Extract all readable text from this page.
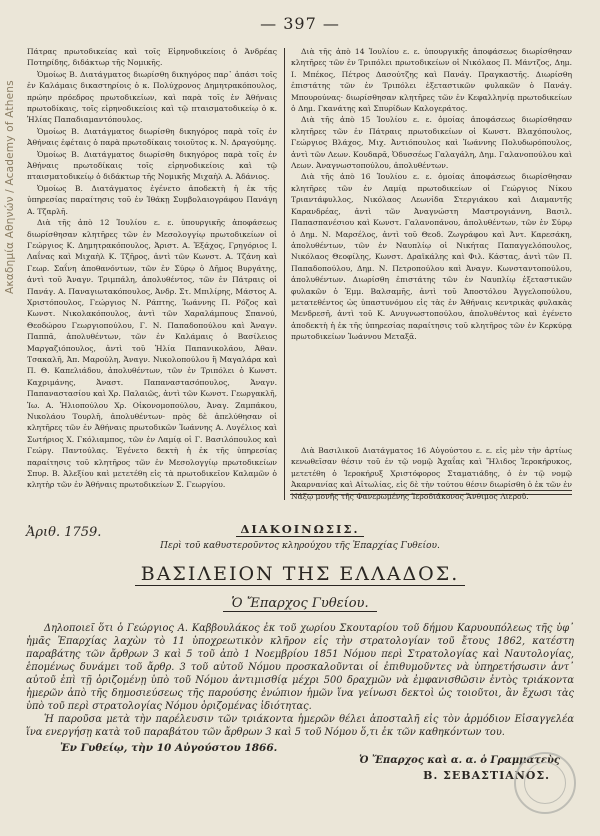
— 397 —
Ακαδημία Αθηνών / Academy of Athens

Πάτρας πρωτοδικείας καὶ τοῖς Εἰρηνοδικείοις ὁ Ἀνδρέας Ποτηρίδης, διδάκτωρ τῆς Νομικῆς.

Ὁμοίως Β. Διατάγματος διωρίσθη δικηγόρος παρ᾽ ἀπάσι τοῖς ἐν Καλάμαις δικαστηρίοις ὁ κ. Πολύχρονος Δημητρακόπουλος, πρώην πρόεδρος πρωτοδικείων, καὶ παρὰ τοῖς ἐν Ἀθήναις πρωτοδίκαις, τοῖς εἰρηνοδικείοις καὶ τῷ πταισματοδικείῳ ὁ κ. Ἠλίας Παπαδιαμαντόπουλος.

Ὁμοίως Β. Διατάγματος διωρίσθη δικηγόρος παρὰ τοῖς ἐν Ἀθήναις ἐφέταις ὁ παρὰ πρωτοδίκαις τοιοῦτος κ. Ν. Δραγούμης.

Ὁμοίως Β. Διατάγματος διωρίσθη δικηγόρος παρὰ τοῖς ἐν Ἀθήναις πρωτοδίκαις τοῖς εἰρηνοδικείοις καὶ τῷ πταισματοδικείῳ ὁ διδάκτωρ τῆς Νομικῆς Μιχαὴλ Α. Ἀδάνιος.

Ὁμοίως Β. Διατάγματος ἐγένετο ἀποδεκτὴ ἡ ἐκ τῆς ὑπηρεσίας παραίτησις τοῦ ἐν Ἰθάκῃ Συμβολαιογράφου Πανάγη Α. Τζαρλῆ.

Διὰ τῆς ἀπὸ 12 Ἰουλίου ε. ε. ὑπουργικῆς ἀποφάσεως διωρίσθησαν κλητῆρες τῶν ἐν Μεσολογγίῳ πρωτοδικείων οἱ Γεώργιος Κ. Δημητρακόπουλος, Ἀριστ. Α. Ἐξάχος, Γρηγόριος Ι. Λαΐνας καὶ Μιχαὴλ Κ. Τζῆρος, ἀντὶ τῶν Κωνστ. Α. Τζάνη καὶ Γεωρ. Σαΐνη ἀποθανόντων, τῶν ἐν Σύρῳ ὁ Δῆμος Βυργάτης, ἀντὶ τοῦ Ἀναγν. Τριμπάλη, ἀπολυθέντος, τῶν ἐν Πάτραις οἱ Πανάγ. Α. Παναγιωτακόπουλος, Ἀνδρ. Στ. Μπιλίρης, Μάστος Α. Χριστόπουλος, Γεώργιος Ν. Ράπτης, Ἰωάννης Π. Ρόζος καὶ Κωνστ. Νικολακόπουλος, ἀντὶ τῶν Χαραλάμπους Σπανού, Θεοδώρου Γεωργιοπούλου, Γ. Ν. Παπαδοπούλου καὶ Ἀναγν. Παππᾶ, ἀπολυθέντων, τῶν ἐν Καλάμαις ὁ Βασίλειος Μαργαζιόπουλος, ἀντὶ τοῦ Ἠλία Παπανικολάου, Ἀθαν. Τσακαλῆ, Ἀπ. Μαρούλη, Ἀναγν. Νικολοπούλου ἢ Μαγαλάρα καὶ Π. Θ. Καπελιάδου, ἀπολυθέντων, τῶν ἐν Τριπόλει ὁ Κωνστ. Καχριμάνης, Ἀναστ. Παπαναστασόπουλος, Ἀναγν. Παπαναστασίου καὶ Χρ. Παλαιῶς, ἀντὶ τῶν Κωνστ. Γεωργακλῆ, Ἰω. Α. Ἡλιοπούλου Χρ. Οἰκονομοπούλου, Ἀναγ. Ζαμπάκου, Νικολάου Τουρλῆ, ἀπολυθέντων· πρὸς δὲ ἀπελύθησαν οἱ κλητῆρες τῶν ἐν Ἀθήναις πρωτοδικῶν Ἰωάννης Α. Λυγέλιος καὶ Σωτήριος Χ. Γκόλιαμπος, τῶν ἐν Λαμίᾳ οἱ Γ. Βασιλόπουλος καὶ Γεώργ. Παντούλας. Ἐγένετο δεκτὴ ἡ ἐκ τῆς ὑπηρεσίας παραίτησις τοῦ κλητῆρος τῶν ἐν Μεσολογγίῳ πρωτοδικείων Σπυρ. Β. Ἀλεξίου καὶ μετετέθη εἰς τὰ πρωτοδικεῖον Καλαμῶν ὁ κλητὴρ τῶν ἐν Ἀθήναις πρωτοδικείων Σ. Γεωργίου.

Διὰ τῆς ἀπὸ 14 Ἰουλίου ε. ε. ὑπουργικῆς ἀποφάσεως διωρίσθησαν κλητῆρες τῶν ἐν Τριπόλει πρωτοδικείων οἱ Νικόλαος Π. Μάντζος, Δημ. Ι. Μπέκος, Πέτρος Δασούτζης καὶ Πανάγ. Πραγκαστῆς. Διωρίσθη ἐπιστάτης τῶν ἐν Τριπόλει ἐξεταστικῶν φυλακῶν ὁ Πανάγ. Μπουρούνας· διωρίσθησαν κλητῆρες τῶν ἐν Κεφαλληνίᾳ πρωτοδικείων ὁ Δημ. Γκανάτης καὶ Σπυρίδων Καλογεράτος.

Διὰ τῆς ἀπὸ 15 Ἰουλίου ε. ε. ὁμοίας ἀποφάσεως διωρίσθησαν κλητῆρες τῶν ἐν Πάτραις πρωτοδικείων οἱ Κωνστ. Βλαχόπουλος, Γεώργιος Βλάχος, Μιχ. Ἀντιόπουλος καὶ Ἰωάννης Πολυδωρόπουλος, ἀντὶ τῶν Λεων. Κουδαρᾶ, Ὀδυσσέως Γαλαγάλη, Δημ. Γαλανοπούλου καὶ Λεων. Ἀναγνωστοπούλου, ἀπολυθέντων.

Διὰ τῆς ἀπὸ 16 Ἰουλίου ε. ε. ὁμοίας ἀποφάσεως διωρίσθησαν κλητῆρες τῶν ἐν Λαμίᾳ πρωτοδικείων οἱ Γεώργιος Νίκου Τριαντάφυλλος, Νικόλαος Λεωνίδα Στεργιάκου καὶ Διαμαντῆς Καρανδρέας, ἀντὶ τῶν Ἀναγνώστη Μαστρογιάννη, Βασιλ. Παπασπανέσιου καὶ Κωνστ. Γαλανοπάνου, ἀπολυθέντων, τῶν ἐν Σύρῳ ὁ Δημ. Ν. Μαρσέλος, ἀντὶ τοῦ Θεοδ. Ζωγράφου καὶ Ἀντ. Καρεσάκη, ἀπολυθέντων, τῶν ἐν Ναυπλίῳ οἱ Νικήτας Παπαγγελόπουλος, Νικόλαος Θεοφίλης, Κωνστ. Δραϊκάλης καὶ Φιλ. Κάστας, ἀντὶ τῶν Π. Παπαδοπούλου, Δημ. Ν. Πετροπούλου καὶ Ἀναγν. Κωνσταντοπούλου, ἀπολυθέντων. Διωρίσθη ἐπιστάτης τῶν ἐν Ναυπλίῳ ἐξεταστικῶν φυλακῶν ὁ Ἐμμ. Βαλσαμῆς, ἀντὶ τοῦ Ἀποστόλου Ἀγγελοπούλου, μετατεθέντος ὡς ὑπαστυνόμου εἰς τὰς ἐν Ἀθήναις κεντρικὰς φυλακὰς Μενδρεσῆ, ἀντὶ τοῦ Κ. Ανυγνωστοπούλου, ἀπολυθέντος καὶ ἐγένετο ἀποδεκτὴ ἡ ἐκ τῆς ὑπηρεσίας παραίτησις τοῦ κλητῆρος τῶν ἐν Κερκύρᾳ πρωτοδικείων Ἰωάννου Μεταξᾶ.

Διὰ Βασιλικοῦ Διατάγματος 16 Αὐγούστου ε. ε. εἰς μὲν τὴν ἀρτίως κενωθεῖσαν θέσιν τοῦ ἐν τῷ νομῷ Ἀχαΐας καὶ Ἤλιδος Ἱεροκήρυκος, μετετέθη ὁ Ἱεροκήρυξ Χριστόφορος Σταματιάδης, ὁ ἐν τῷ νομῷ Ἀκαρνανίας καὶ Αἰτωλίας, εἰς δὲ τὴν τούτου θέσιν διωρίσθη ὁ ἐκ τῶν ἐν Νάξῳ μονῆς τῆς Φανερωμένης Ἱεροδιάκονος Ἄνθιμος Λιεροῦ.

Ἀριθ. 1759.	ΔΙΑΚΟΙΝΩΣΙΣ.
Περὶ τοῦ καθυστεροῦντος κληρούχου τῆς Ἐπαρχίας Γυθείου.
ΒΑΣΙΛΕΙΟΝ ΤΗΣ ΕΛΛΑΔΟΣ.
Ὁ Ἔπαρχος Γυθείου.

Δηλοποιεῖ ὅτι ὁ Γεώργιος Α. Καββουλάκος ἐκ τοῦ χωρίου Σκουταρίου τοῦ δήμου Καρυουπόλεως τῆς ὑφ᾽ ἡμᾶς Ἐπαρχίας λαχὼν τὸ 11 ὑποχρεωτικὸν κλῆρον εἰς τὴν στρατολογίαν τοῦ ἔτους 1862, κατέστη παραβάτης τῶν ἄρθρων 3 καὶ 5 τοῦ ἀπὸ 1 Νοεμβρίου 1851 Νόμου περὶ Στρατολογίας καὶ Ναυτολογίας, ἑπομένως δυνάμει τοῦ ἄρθρ. 3 τοῦ αὐτοῦ Νόμου προσκαλοῦνται οἱ ἐπιθυμοῦντες νὰ ὑπηρετήσωσιν ἀντ᾽ αὐτοῦ ἐπὶ τῇ ὁριζομένῃ ὑπὸ τοῦ Νόμου ἀντιμισθίᾳ μέχρι 500 δραχμῶν νὰ ἐμφανισθῶσιν ἐντὸς τριάκοντα ἡμερῶν ἀπὸ τῆς δημοσιεύσεως τῆς παρούσης ἐνώπιον ἡμῶν ἵνα γείνωσι δεκτοὶ ὡς τοιοῦτοι, ἂν ἔχωσι τὰς ὑπὸ τοῦ περὶ στρατολογίας Νόμου ὁριζομένας ἰδιότητας.

Ἡ παροῦσα μετὰ τὴν παρέλευσιν τῶν τριάκοντα ἡμερῶν θέλει ἀποσταλῆ εἰς τὸν ἁρμόδιον Εἰσαγγελέα ἵνα ενεργήσῃ κατὰ τοῦ παραβάτου τῶν ἄρθρων 3 καὶ 5 τοῦ Νόμου ὅ,τι ἐκ τῶν καθηκόντων του.

Ἐν Γυθείῳ, τὴν 10 Αὐγούστου 1866.
Ὁ Ἔπαρχος καὶ α. α. ὁ Γραμματεὺς
Β. ΣΕΒΑΣΤΙΑΝΟΣ.
